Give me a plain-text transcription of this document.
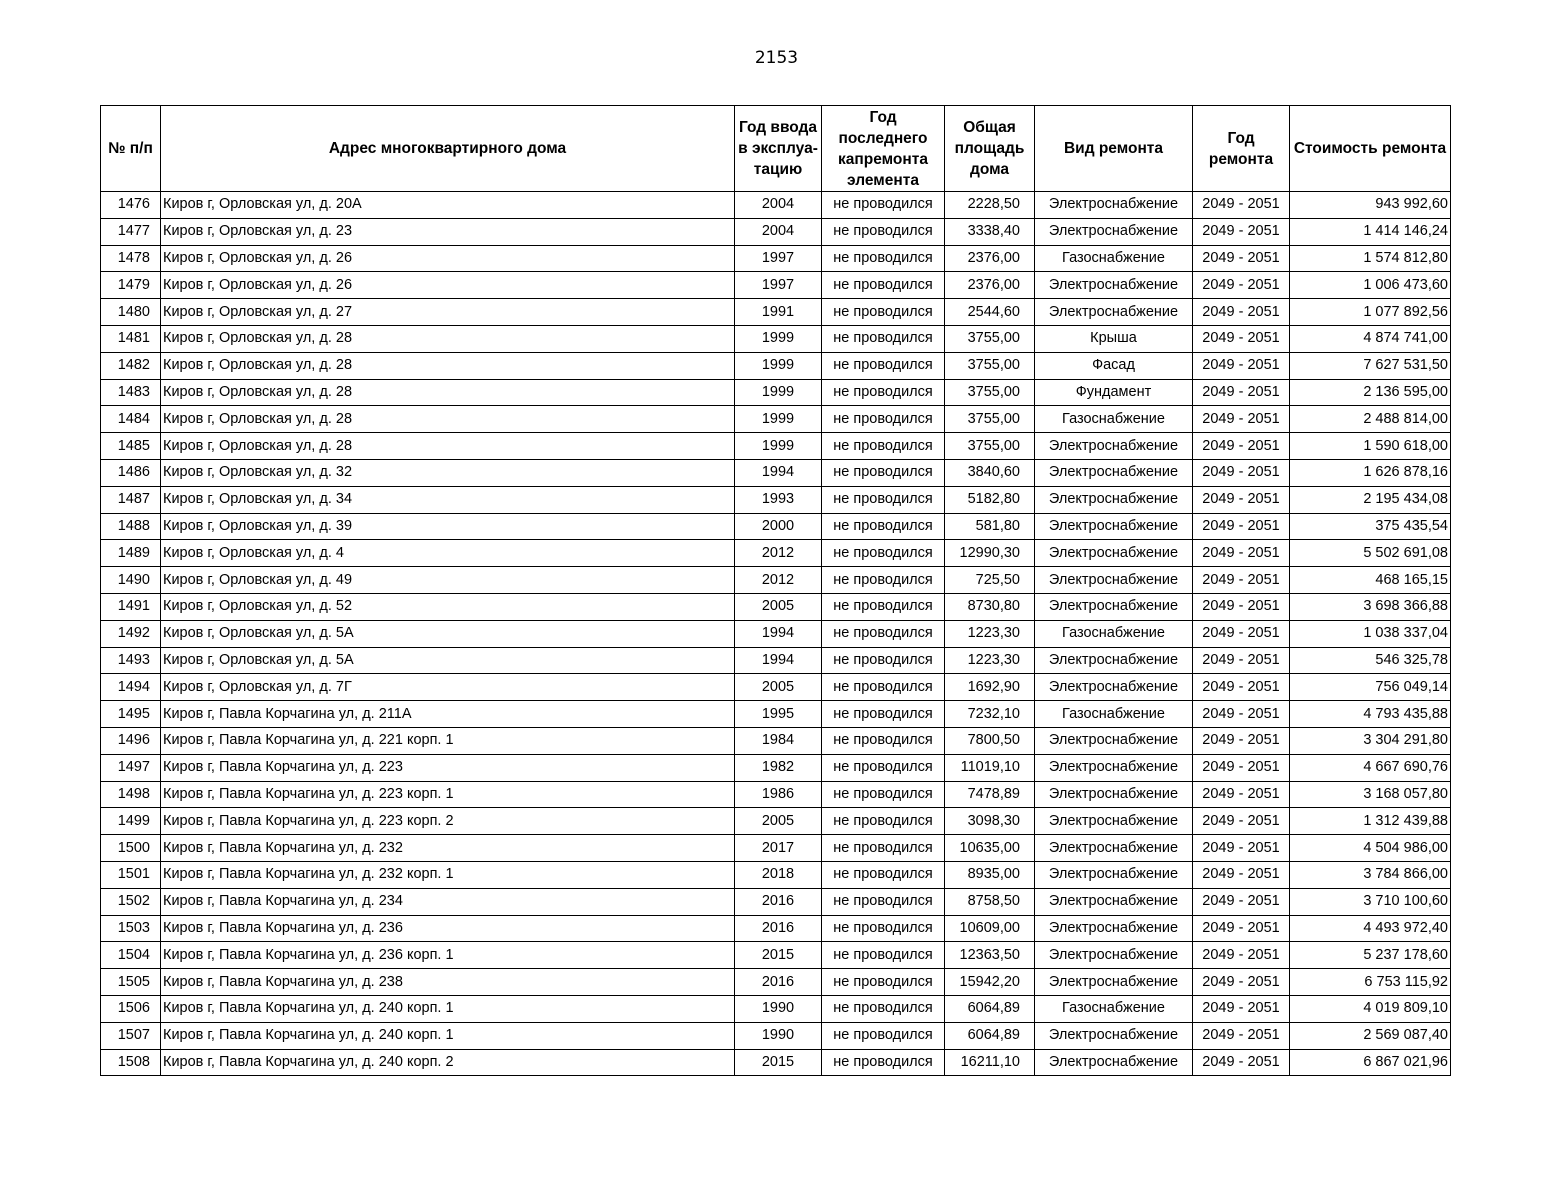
2153
№ п/п	Адрес многоквартирного дома	Год ввода в эксплуа-тацию	Год последнего капремонта элемента	Общая площадь дома	Вид ремонта	Год ремонта	Стоимость ремонта
1476	Киров г, Орловская ул, д. 20А	2004	не проводился	2228,50	Электроснабжение	2049 - 2051	943 992,60
1477	Киров г, Орловская ул, д. 23	2004	не проводился	3338,40	Электроснабжение	2049 - 2051	1 414 146,24
1478	Киров г, Орловская ул, д. 26	1997	не проводился	2376,00	Газоснабжение	2049 - 2051	1 574 812,80
1479	Киров г, Орловская ул, д. 26	1997	не проводился	2376,00	Электроснабжение	2049 - 2051	1 006 473,60
1480	Киров г, Орловская ул, д. 27	1991	не проводился	2544,60	Электроснабжение	2049 - 2051	1 077 892,56
1481	Киров г, Орловская ул, д. 28	1999	не проводился	3755,00	Крыша	2049 - 2051	4 874 741,00
1482	Киров г, Орловская ул, д. 28	1999	не проводился	3755,00	Фасад	2049 - 2051	7 627 531,50
1483	Киров г, Орловская ул, д. 28	1999	не проводился	3755,00	Фундамент	2049 - 2051	2 136 595,00
1484	Киров г, Орловская ул, д. 28	1999	не проводился	3755,00	Газоснабжение	2049 - 2051	2 488 814,00
1485	Киров г, Орловская ул, д. 28	1999	не проводился	3755,00	Электроснабжение	2049 - 2051	1 590 618,00
1486	Киров г, Орловская ул, д. 32	1994	не проводился	3840,60	Электроснабжение	2049 - 2051	1 626 878,16
1487	Киров г, Орловская ул, д. 34	1993	не проводился	5182,80	Электроснабжение	2049 - 2051	2 195 434,08
1488	Киров г, Орловская ул, д. 39	2000	не проводился	581,80	Электроснабжение	2049 - 2051	375 435,54
1489	Киров г, Орловская ул, д. 4	2012	не проводился	12990,30	Электроснабжение	2049 - 2051	5 502 691,08
1490	Киров г, Орловская ул, д. 49	2012	не проводился	725,50	Электроснабжение	2049 - 2051	468 165,15
1491	Киров г, Орловская ул, д. 52	2005	не проводился	8730,80	Электроснабжение	2049 - 2051	3 698 366,88
1492	Киров г, Орловская ул, д. 5А	1994	не проводился	1223,30	Газоснабжение	2049 - 2051	1 038 337,04
1493	Киров г, Орловская ул, д. 5А	1994	не проводился	1223,30	Электроснабжение	2049 - 2051	546 325,78
1494	Киров г, Орловская ул, д. 7Г	2005	не проводился	1692,90	Электроснабжение	2049 - 2051	756 049,14
1495	Киров г, Павла Корчагина ул, д. 211А	1995	не проводился	7232,10	Газоснабжение	2049 - 2051	4 793 435,88
1496	Киров г, Павла Корчагина ул, д. 221 корп. 1	1984	не проводился	7800,50	Электроснабжение	2049 - 2051	3 304 291,80
1497	Киров г, Павла Корчагина ул, д. 223	1982	не проводился	11019,10	Электроснабжение	2049 - 2051	4 667 690,76
1498	Киров г, Павла Корчагина ул, д. 223 корп. 1	1986	не проводился	7478,89	Электроснабжение	2049 - 2051	3 168 057,80
1499	Киров г, Павла Корчагина ул, д. 223 корп. 2	2005	не проводился	3098,30	Электроснабжение	2049 - 2051	1 312 439,88
1500	Киров г, Павла Корчагина ул, д. 232	2017	не проводился	10635,00	Электроснабжение	2049 - 2051	4 504 986,00
1501	Киров г, Павла Корчагина ул, д. 232 корп. 1	2018	не проводился	8935,00	Электроснабжение	2049 - 2051	3 784 866,00
1502	Киров г, Павла Корчагина ул, д. 234	2016	не проводился	8758,50	Электроснабжение	2049 - 2051	3 710 100,60
1503	Киров г, Павла Корчагина ул, д. 236	2016	не проводился	10609,00	Электроснабжение	2049 - 2051	4 493 972,40
1504	Киров г, Павла Корчагина ул, д. 236 корп. 1	2015	не проводился	12363,50	Электроснабжение	2049 - 2051	5 237 178,60
1505	Киров г, Павла Корчагина ул, д. 238	2016	не проводился	15942,20	Электроснабжение	2049 - 2051	6 753 115,92
1506	Киров г, Павла Корчагина ул, д. 240 корп. 1	1990	не проводился	6064,89	Газоснабжение	2049 - 2051	4 019 809,10
1507	Киров г, Павла Корчагина ул, д. 240 корп. 1	1990	не проводился	6064,89	Электроснабжение	2049 - 2051	2 569 087,40
1508	Киров г, Павла Корчагина ул, д. 240 корп. 2	2015	не проводился	16211,10	Электроснабжение	2049 - 2051	6 867 021,96
